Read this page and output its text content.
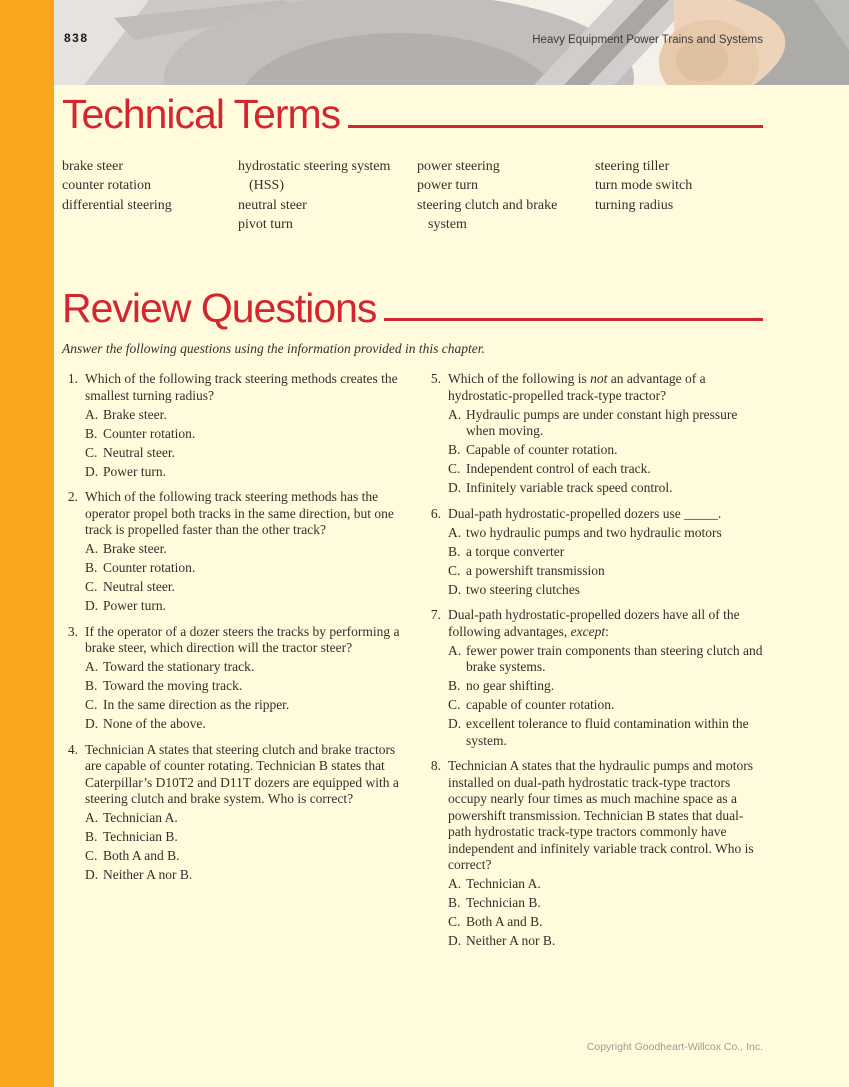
838	Heavy Equipment Power Trains and Systems
Technical Terms
brake steer
counter rotation
differential steering
hydrostatic steering system
(HSS)
neutral steer
pivot turn
power steering
power turn
steering clutch and brake
system
steering tiller
turn mode switch
turning radius
Review Questions
Answer the following questions using the information provided in this chapter.
1. Which of the following track steering methods creates the smallest turning radius?
A. Brake steer.
B. Counter rotation.
C. Neutral steer.
D. Power turn.
2. Which of the following track steering methods has the operator propel both tracks in the same direction, but one track is propelled faster than the other track?
A. Brake steer.
B. Counter rotation.
C. Neutral steer.
D. Power turn.
3. If the operator of a dozer steers the tracks by performing a brake steer, which direction will the tractor steer?
A. Toward the stationary track.
B. Toward the moving track.
C. In the same direction as the ripper.
D. None of the above.
4. Technician A states that steering clutch and brake tractors are capable of counter rotating. Technician B states that Caterpillar’s D10T2 and D11T dozers are equipped with a steering clutch and brake system. Who is correct?
A. Technician A.
B. Technician B.
C. Both A and B.
D. Neither A nor B.
5. Which of the following is not an advantage of a hydrostatic-propelled track-type tractor?
A. Hydraulic pumps are under constant high pressure when moving.
B. Capable of counter rotation.
C. Independent control of each track.
D. Infinitely variable track speed control.
6. Dual-path hydrostatic-propelled dozers use _____.
A. two hydraulic pumps and two hydraulic motors
B. a torque converter
C. a powershift transmission
D. two steering clutches
7. Dual-path hydrostatic-propelled dozers have all of the following advantages, except:
A. fewer power train components than steering clutch and brake systems.
B. no gear shifting.
C. capable of counter rotation.
D. excellent tolerance to fluid contamination within the system.
8. Technician A states that the hydraulic pumps and motors installed on dual-path hydrostatic track-type tractors occupy nearly four times as much machine space as a powershift transmission. Technician B states that dual-path hydrostatic track-type tractors commonly have independent and infinitely variable track control. Who is correct?
A. Technician A.
B. Technician B.
C. Both A and B.
D. Neither A nor B.
Copyright Goodheart-Willcox Co., Inc.
